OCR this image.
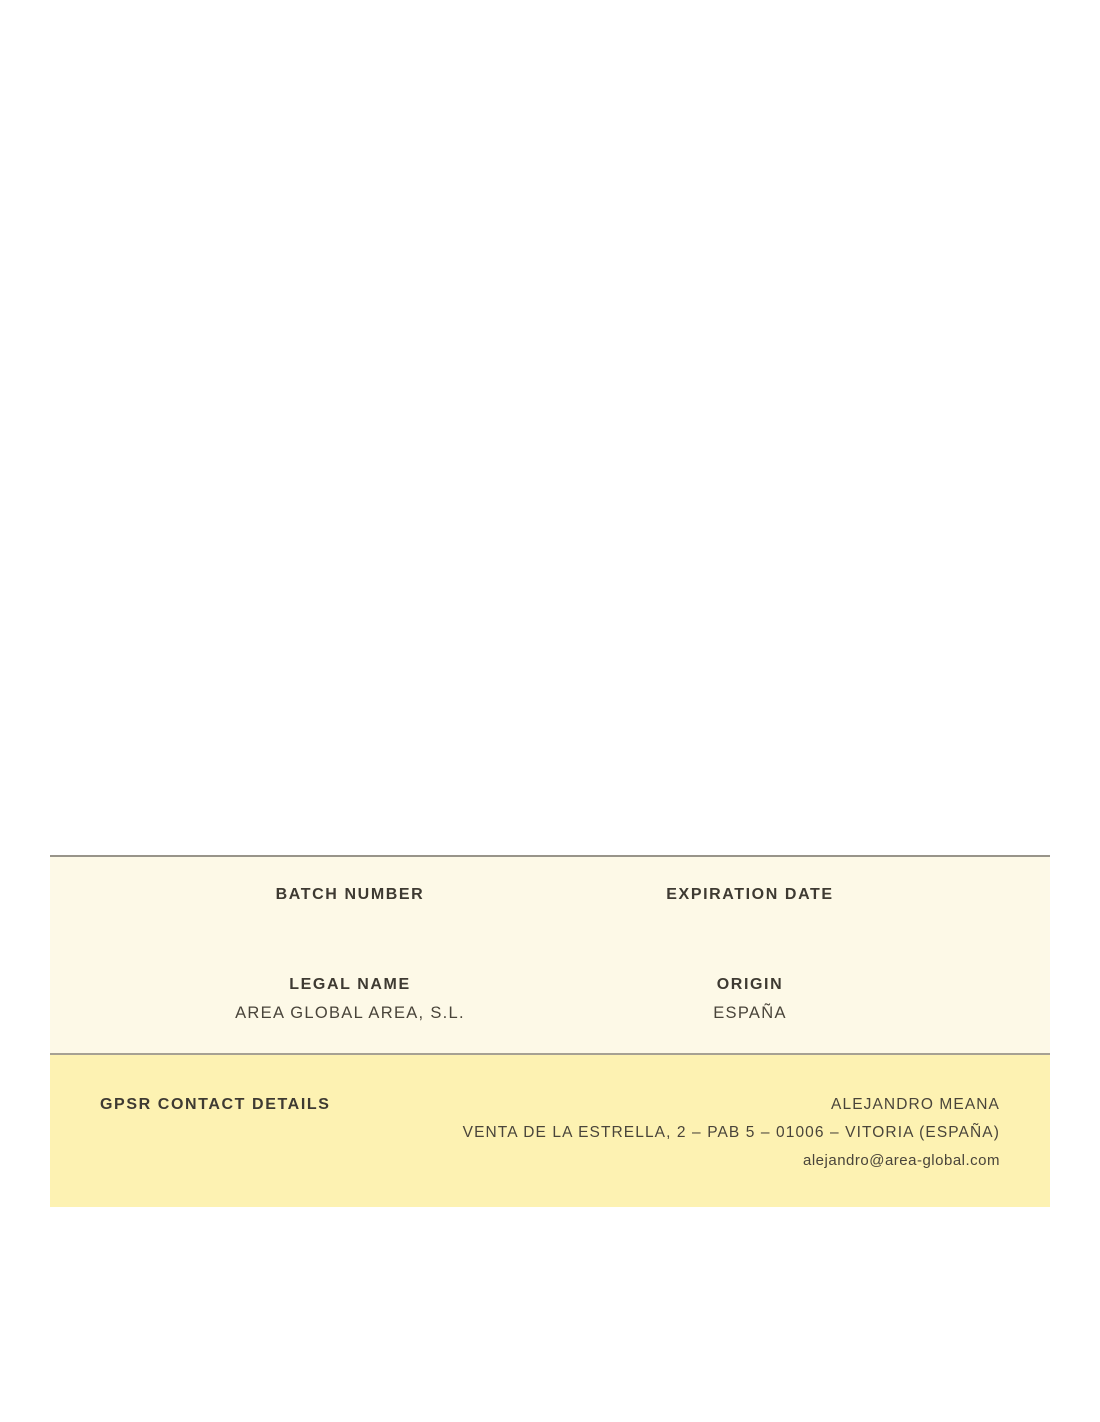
BATCH NUMBER	EXPIRATION DATE
LEGAL NAME	ORIGIN
AREA GLOBAL AREA, S.L.	ESPAÑA
GPSR CONTACT DETAILS	ALEJANDRO MEANA
VENTA DE LA ESTRELLA, 2 – PAB 5 – 01006 – VITORIA (ESPAÑA)
alejandro@area-global.com
